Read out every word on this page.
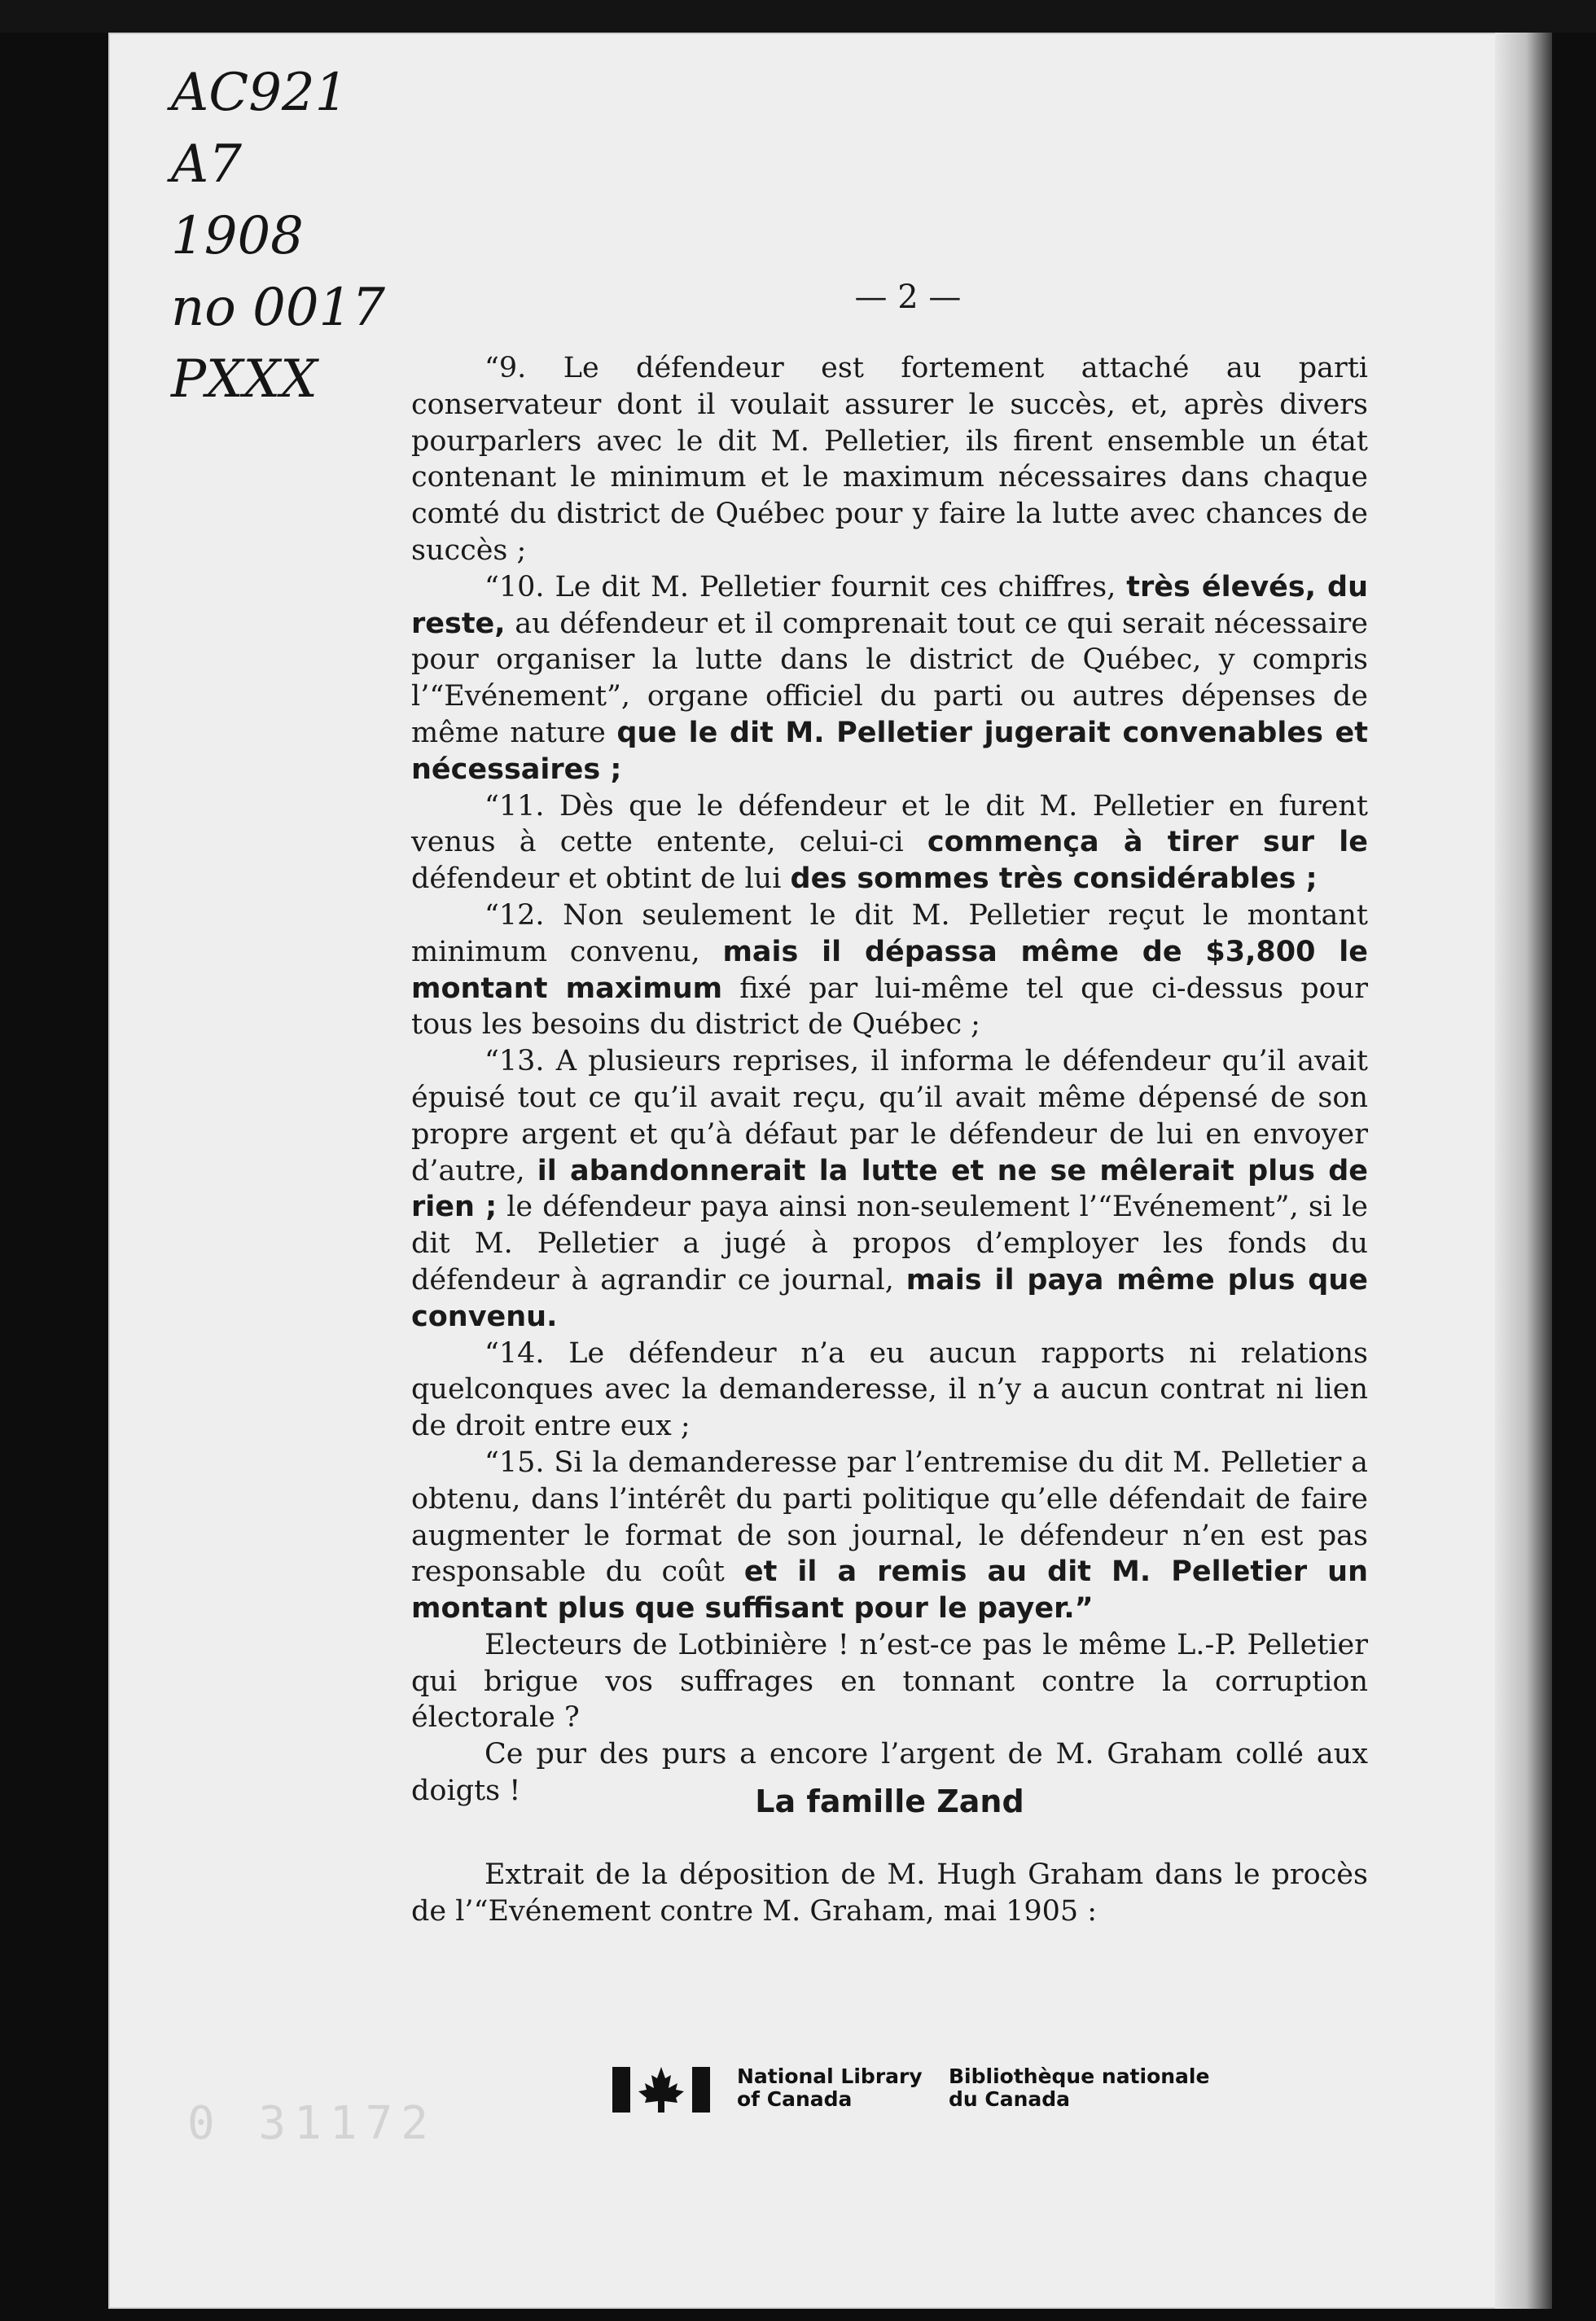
AC921
A7
1908
no 0017
PXXX
— 2 —

“9. Le défendeur est fortement attaché au parti conservateur dont il voulait assurer le succès, et, après divers pourparlers avec le dit M. Pelletier, ils firent ensemble un état contenant le minimum et le maximum nécessaires dans chaque comté du district de Québec pour y faire la lutte avec chances de succès ;

“10. Le dit M. Pelletier fournit ces chiffres, très élevés, du reste, au défendeur et il comprenait tout ce qui serait nécessaire pour organiser la lutte dans le district de Québec, y compris l’“Evénement”, organe officiel du parti ou autres dépenses de même nature que le dit M. Pelletier jugerait convenables et nécessaires ;

“11. Dès que le défendeur et le dit M. Pelletier en furent venus à cette entente, celui-ci commença à tirer sur le défendeur et obtint de lui des sommes très considérables ;

“12. Non seulement le dit M. Pelletier reçut le montant minimum convenu, mais il dépassa même de $3,800 le montant maximum fixé par lui-même tel que ci-dessus pour tous les besoins du district de Québec ;

“13. A plusieurs reprises, il informa le défendeur qu’il avait épuisé tout ce qu’il avait reçu, qu’il avait même dépensé de son propre argent et qu’à défaut par le défendeur de lui en envoyer d’autre, il abandonnerait la lutte et ne se mêlerait plus de rien ; le défendeur paya ainsi non-seulement l’“Evénement”, si le dit M. Pelletier a jugé à propos d’employer les fonds du défendeur à agrandir ce journal, mais il paya même plus que convenu.

“14. Le défendeur n’a eu aucun rapports ni relations quelconques avec la demanderesse, il n’y a aucun contrat ni lien de droit entre eux ;

“15. Si la demanderesse par l’entremise du dit M. Pelletier a obtenu, dans l’intérêt du parti politique qu’elle défendait de faire augmenter le format de son journal, le défendeur n’en est pas responsable du coût et il a remis au dit M. Pelletier un montant plus que suffisant pour le payer.”

Electeurs de Lotbinière ! n’est-ce pas le même L.-P. Pelletier qui brigue vos suffrages en tonnant contre la corruption électorale ?

Ce pur des purs a encore l’argent de M. Graham collé aux doigts !	La famille Zand

Extrait de la déposition de M. Hugh Graham dans le procès de l’“Evénement contre M. Graham, mai 1905 :

National Library
of Canada
Bibliothèque nationale
du Canada
0 31172
